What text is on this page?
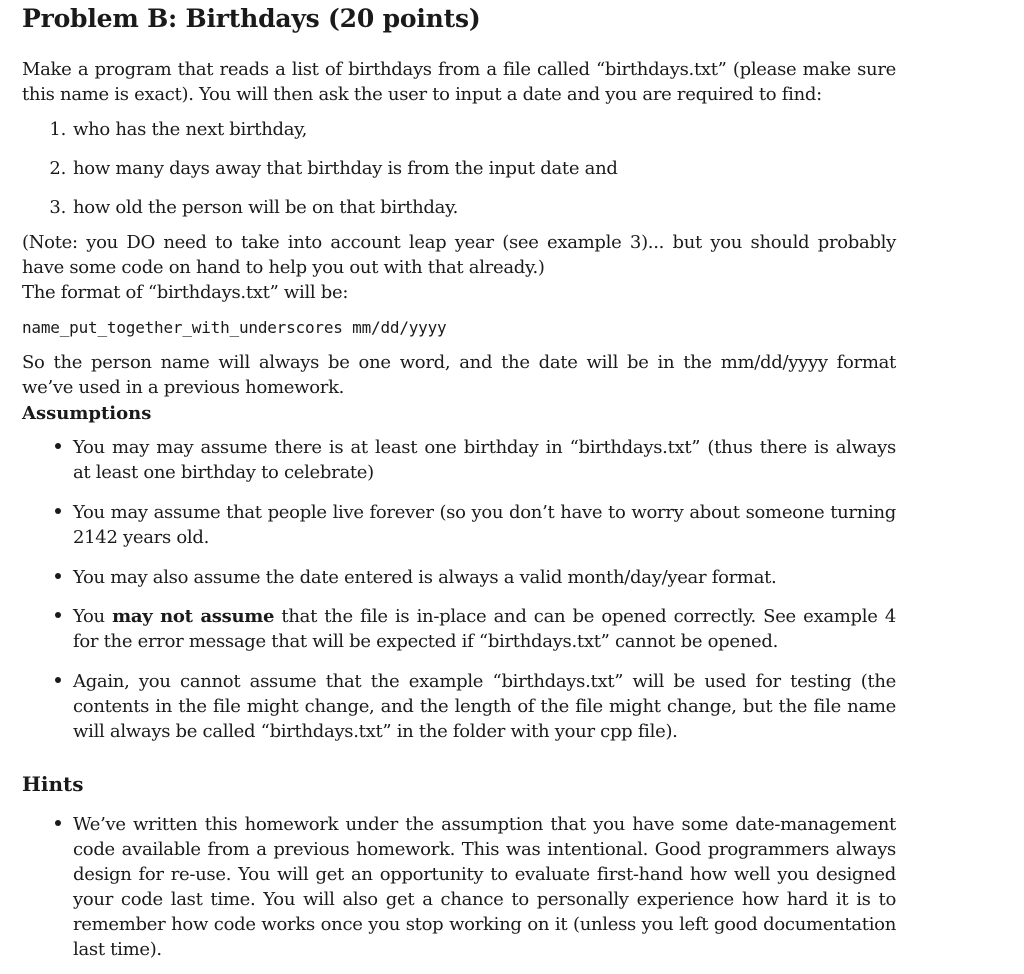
Problem B: Birthdays (20 points)
Make a program that reads a list of birthdays from a file called “birthdays.txt” (please make sure
this name is exact). You will then ask the user to input a date and you are required to find:
1. who has the next birthday,
2. how many days away that birthday is from the input date and
3. how old the person will be on that birthday.
(Note: you DO need to take into account leap year (see example 3)... but you should probably
have some code on hand to help you out with that already.)
The format of “birthdays.txt” will be:
name_put_together_with_underscores mm/dd/yyyy
So the person name will always be one word, and the date will be in the mm/dd/yyyy format
we’ve used in a previous homework.
Assumptions
You may may assume there is at least one birthday in “birthdays.txt” (thus there is always
at least one birthday to celebrate)
You may assume that people live forever (so you don’t have to worry about someone turning
2142 years old.
You may also assume the date entered is always a valid month/day/year format.
You may not assume that the file is in-place and can be opened correctly. See example 4
for the error message that will be expected if “birthdays.txt” cannot be opened.
Again, you cannot assume that the example “birthdays.txt” will be used for testing (the
contents in the file might change, and the length of the file might change, but the file name
will always be called “birthdays.txt” in the folder with your cpp file).
Hints
We’ve written this homework under the assumption that you have some date-management
code available from a previous homework. This was intentional. Good programmers always
design for re-use. You will get an opportunity to evaluate first-hand how well you designed
your code last time. You will also get a chance to personally experience how hard it is to
remember how code works once you stop working on it (unless you left good documentation
last time).
